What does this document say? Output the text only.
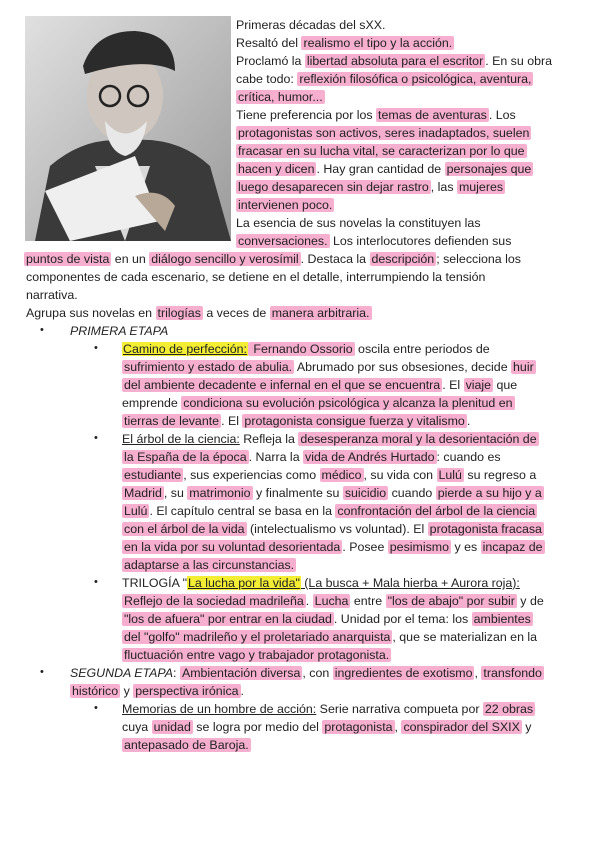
Primeras décadas del sXX.
Resaltó del realismo el tipo y la acción.
Proclamó la libertad absoluta para el escritor . En su obra
cabe todo: reflexión filosófica o psicológica, aventura,
crítica, humor...
Tiene preferencia por los temas de aventuras . Los
protagonistas son activos, seres inadaptados, suelen
fracasar en su lucha vital, se caracterizan por lo que
hacen y dicen . Hay gran cantidad de personajes que
luego desaparecen sin dejar rastro , las mujeres
intervienen poco.
La esencia de sus novelas la constituyen las
conversaciones. Los interlocutores defienden sus
puntos de vista en un diálogo sencillo y verosímil . Destaca la descripción ; selecciona los
componentes de cada escenario, se detiene en el detalle, interrumpiendo la tensión
narrativa.
Agrupa sus novelas en trilogías a veces de manera arbitraria.
• PRIMERA ETAPA
• Camino de perfección: Fernando Ossorio oscila entre periodos de
sufrimiento y estado de abulia. Abrumado por sus obsesiones, decide huir
del ambiente decadente e infernal en el que se encuentra . El viaje que
emprende condiciona su evolución psicológica y alcanza la plenitud en
tierras de levante . El protagonista consigue fuerza y vitalismo .
• El árbol de la ciencia: Refleja la desesperanza moral y la desorientación de
la España de la época . Narra la vida de Andrés Hurtado : cuando es
estudiante , sus experiencias como médico , su vida con Lulú su regreso a
Madrid , su matrimonio y finalmente su suicidio cuando pierde a su hijo y a
Lulú . El capítulo central se basa en la confrontación del árbol de la ciencia
con el árbol de la vida (intelectualismo vs voluntad). El protagonista fracasa
en la vida por su voluntad desorientada . Posee pesimismo y es incapaz de
adaptarse a las circunstancias.
• TRILOGÍA "La lucha por la vida" (La busca + Mala hierba + Aurora roja):
Reflejo de la sociedad madrileña . Lucha entre "los de abajo" por subir y de
"los de afuera" por entrar en la ciudad . Unidad por el tema: los ambientes
del "golfo" madrileño y el proletariado anarquista , que se materializan en la
fluctuación entre vago y trabajador protagonista.
• SEGUNDA ETAPA: Ambientación diversa , con ingredientes de exotismo , transfondo
histórico y perspectiva irónica .
• Memorias de un hombre de acción: Serie narrativa compueta por 22 obras
cuya unidad se logra por medio del protagonista , conspirador del SXIX y
antepasado de Baroja.
